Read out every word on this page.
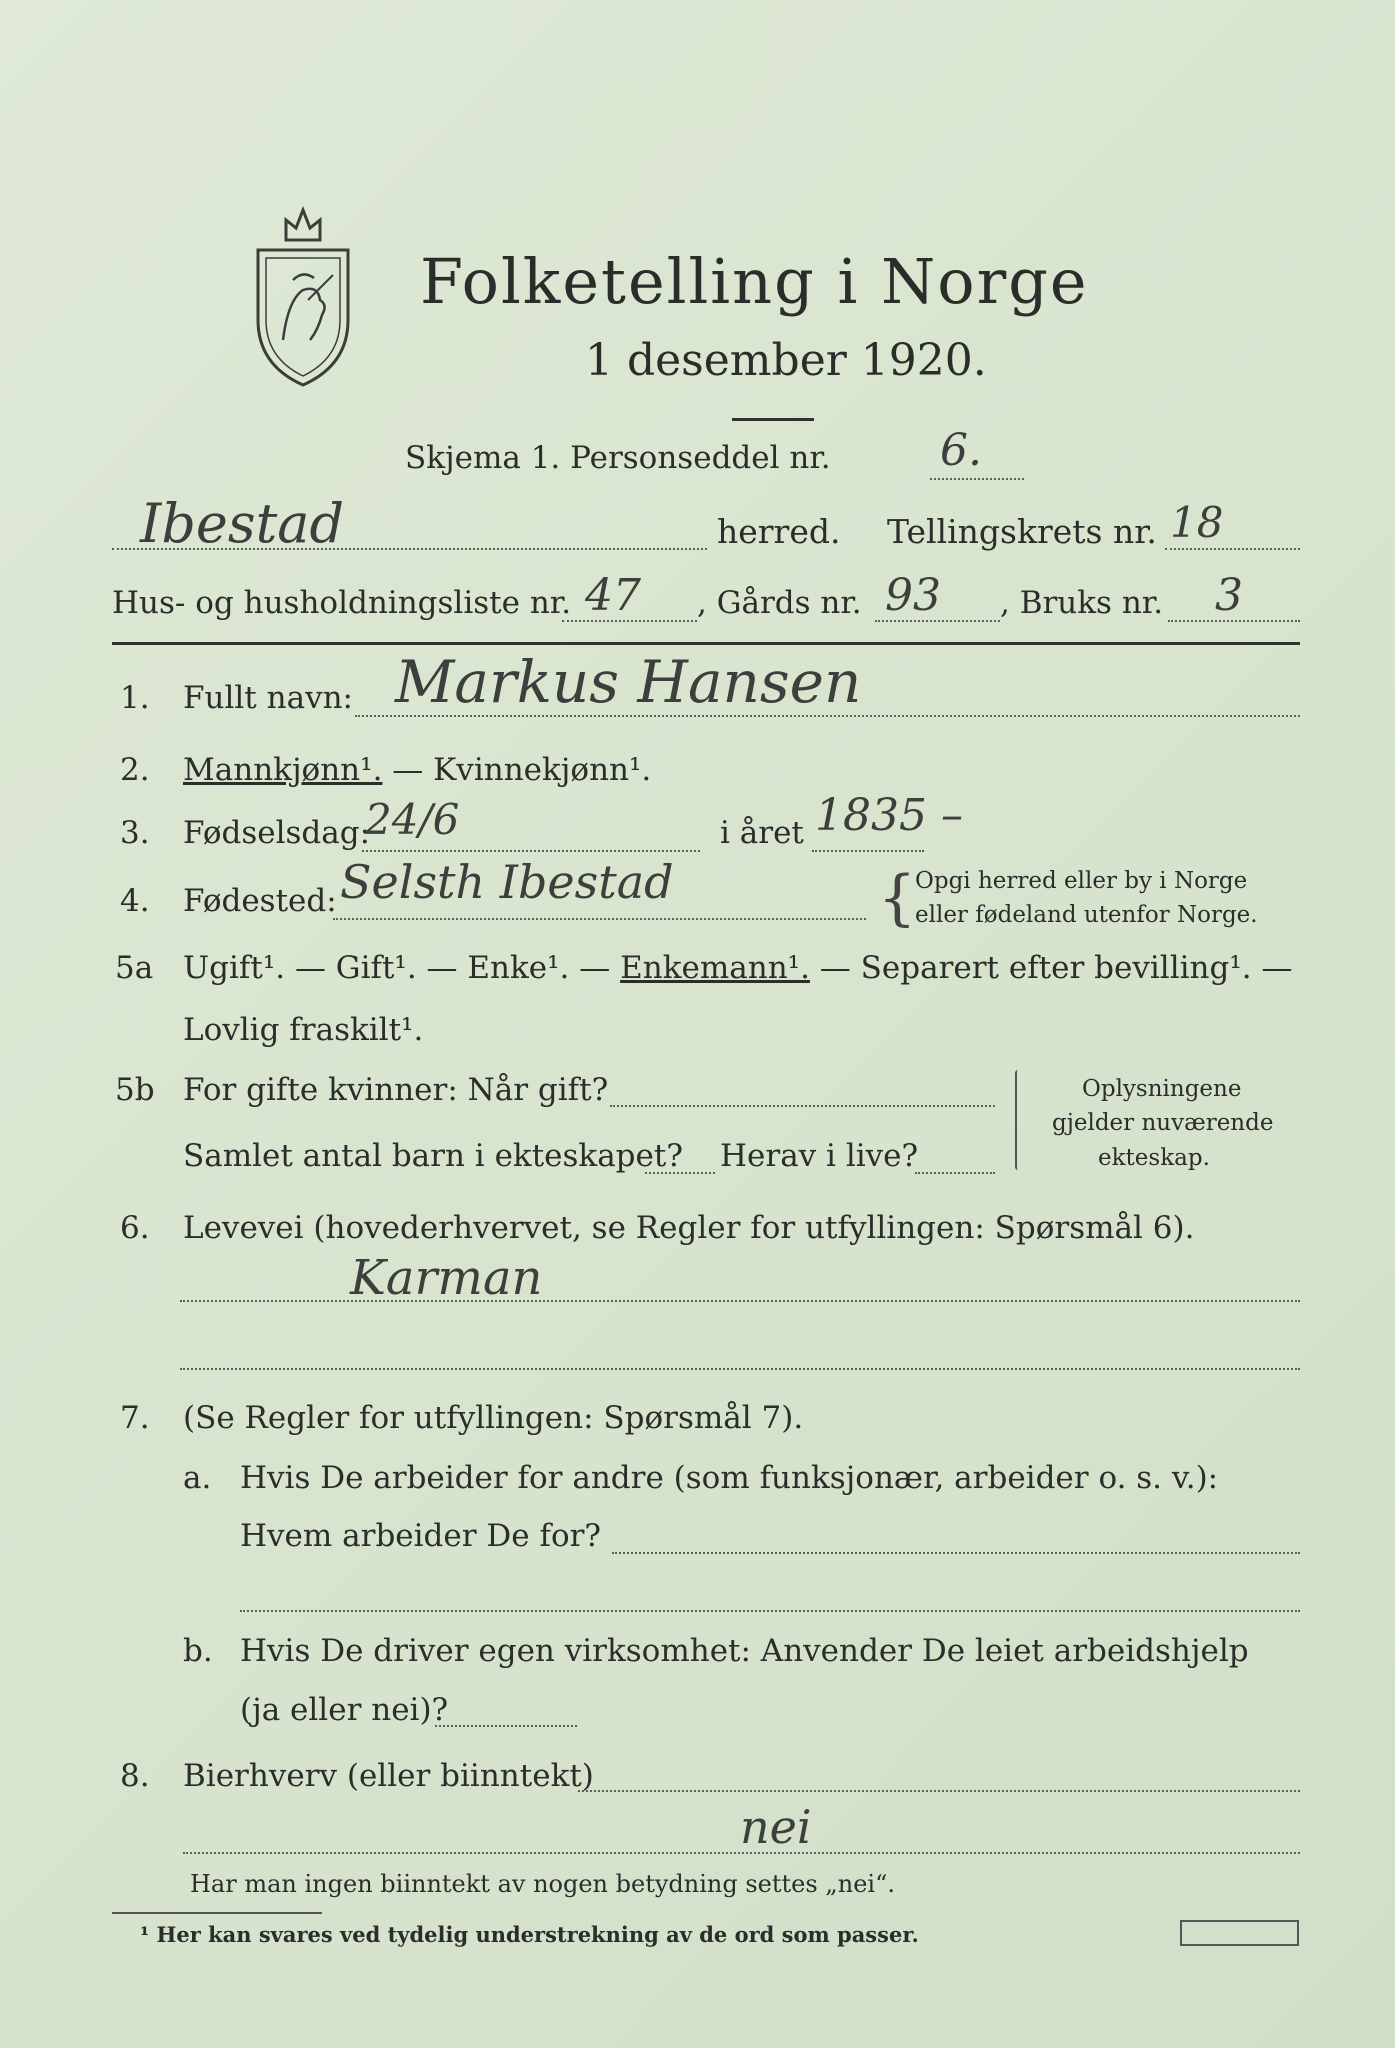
Folketelling i Norge
1 desember 1920.
Skjema 1. Personseddel nr. 6.
Ibestad	herred. Tellingskrets nr. 18
Hus- og husholdningsliste nr. 47 , Gårds nr. 93 , Bruks nr. 3
1. Fullt navn: Markus Hansen
2. Mannkjønn¹. — Kvinnekjønn¹.
3. Fødselsdag:
24/6	i året 1835 –
4. Fødested: Selsth Ibestad	{
Opgi herred eller by i Norge
eller fødeland utenfor Norge.
5a Ugift¹. — Gift¹. — Enke¹. — Enkemann¹. — Separert efter bevilling¹. —
Lovlig fraskilt¹.
5b For gifte kvinner: Når gift?
Samlet antal barn i ekteskapet? Herav i live?
Oplysningene
gjelder nuværende
ekteskap.
6. Levevei (hovederhvervet, se Regler for utfyllingen: Spørsmål 6).
Karman
7. (Se Regler for utfyllingen: Spørsmål 7).
a. Hvis De arbeider for andre (som funksjonær, arbeider o. s. v.):
Hvem arbeider De for?
b. Hvis De driver egen virksomhet: Anvender De leiet arbeidshjelp
(ja eller nei)?
8. Bierhverv (eller biinntekt)
nei
Har man ingen biinntekt av nogen betydning settes „nei“.
¹ Her kan svares ved tydelig understrekning av de ord som passer.
